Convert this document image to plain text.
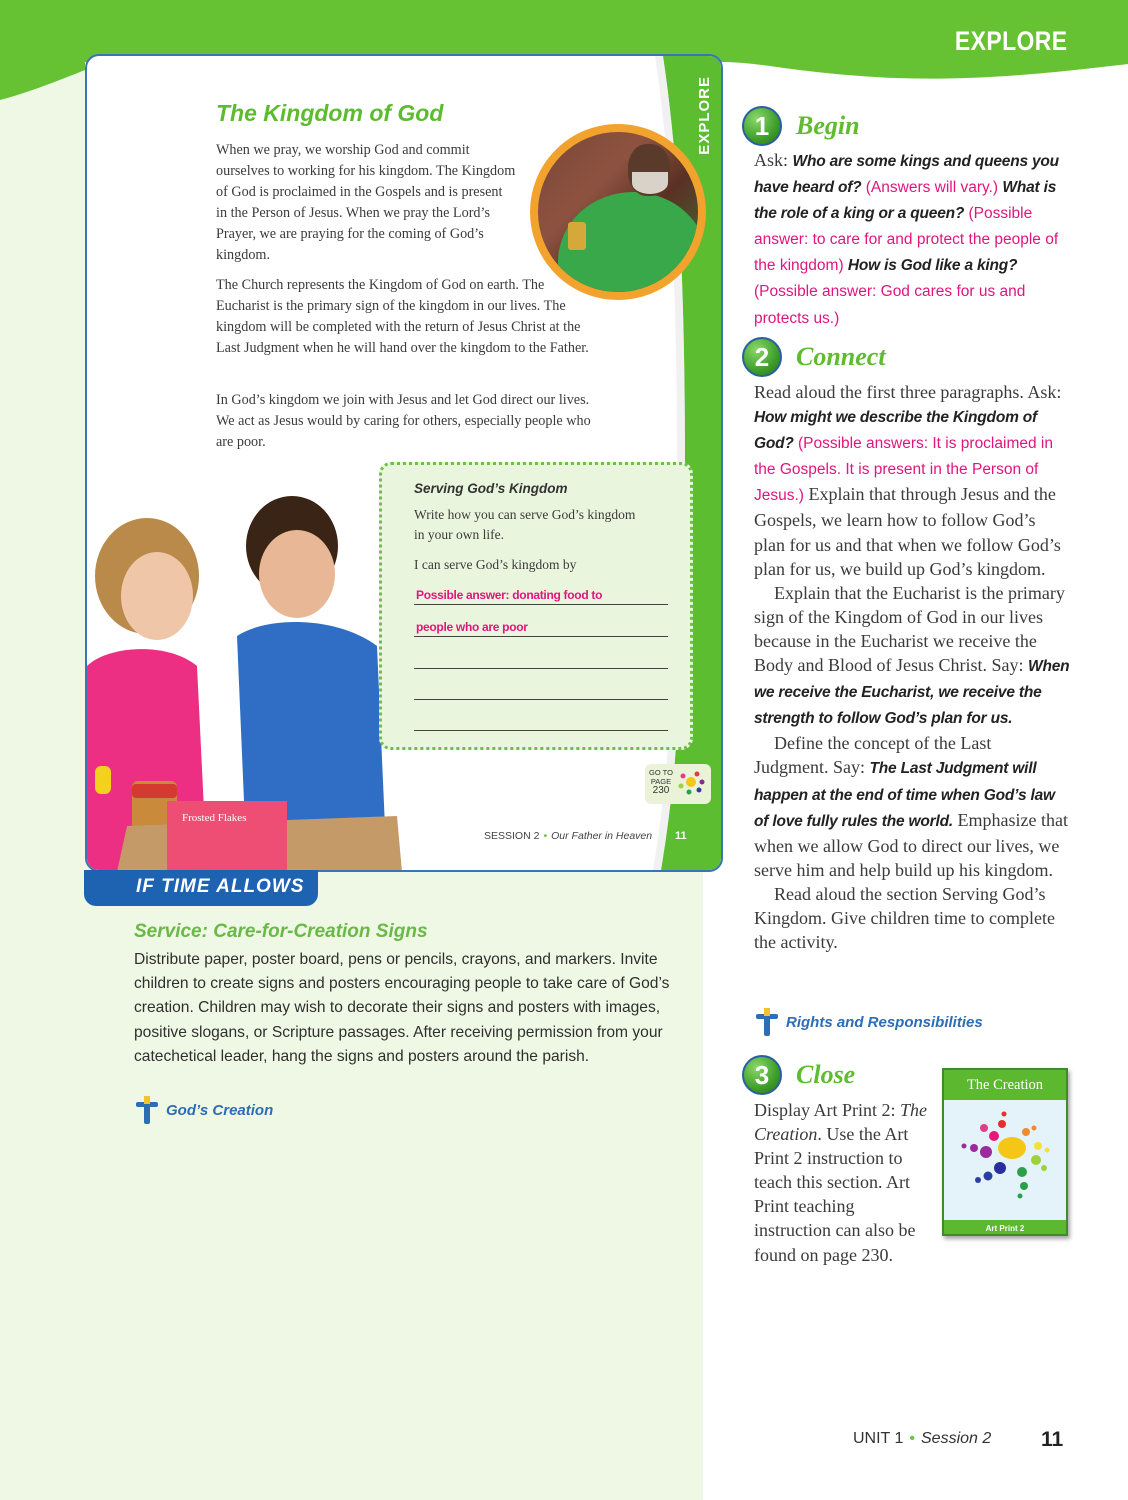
EXPLORE
EXPLORE
The Kingdom of God

When we pray, we worship God and commit ourselves to working for his kingdom. The Kingdom of God is proclaimed in the Gospels and is present in the Person of Jesus. When we pray the Lord’s Prayer, we are praying for the coming of God’s kingdom.

The Church represents the Kingdom of God on earth. The Eucharist is the primary sign of the kingdom in our lives. The kingdom will be completed with the return of Jesus Christ at the Last Judgment when he will hand over the kingdom to the Father.

In God’s kingdom we join with Jesus and let God direct our lives. We act as Jesus would by caring for others, especially people who are poor.

Frosted Flakes
Serving God’s Kingdom
Write how you can serve God’s kingdom in your own life.
I can serve God’s kingdom by
Possible answer: donating food to
people who are poor
GO TO
PAGE
230
SESSION 2 • Our Father in Heaven 11
IF TIME ALLOWS
Service: Care-for-Creation Signs

Distribute paper, poster board, pens or pencils, crayons, and markers. Invite children to create signs and posters encouraging people to take care of God’s creation. Children may wish to decorate their signs and posters with images, positive slogans, or Scripture passages. After receiving permission from your catechetical leader, hang the signs and posters around the parish.

God’s Creation
1	Begin

Ask: Who are some kings and queens you have heard of? (Answers will vary.) What is the role of a king or a queen? (Possible answer: to care for and protect the people of the kingdom) How is God like a king? (Possible answer: God cares for us and protects us.)

2	Connect
Read aloud the first three paragraphs. Ask: How might we describe the Kingdom of God? (Possible answers: It is proclaimed in the Gospels. It is present in the Person of Jesus.) Explain that through Jesus and the Gospels, we learn how to follow God’s plan for us and that when we follow God’s plan for us, we build up God’s kingdom.
Explain that the Eucharist is the primary sign of the Kingdom of God in our lives because in the Eucharist we receive the Body and Blood of Jesus Christ. Say: When we receive the Eucharist, we receive the strength to follow God’s plan for us.
Define the concept of the Last Judgment. Say: The Last Judgment will happen at the end of time when God’s law of love fully rules the world. Emphasize that when we allow God to direct our lives, we serve him and help build up his kingdom.
Read aloud the section Serving God’s Kingdom. Give children time to complete the activity.
Rights and Responsibilities
3	Close

Display Art Print 2: The Creation. Use the Art Print 2 instruction to teach this section. Art Print teaching instruction can also be found on page 230.

The Creation
Art Print 2
UNIT 1 • Session 2 11
